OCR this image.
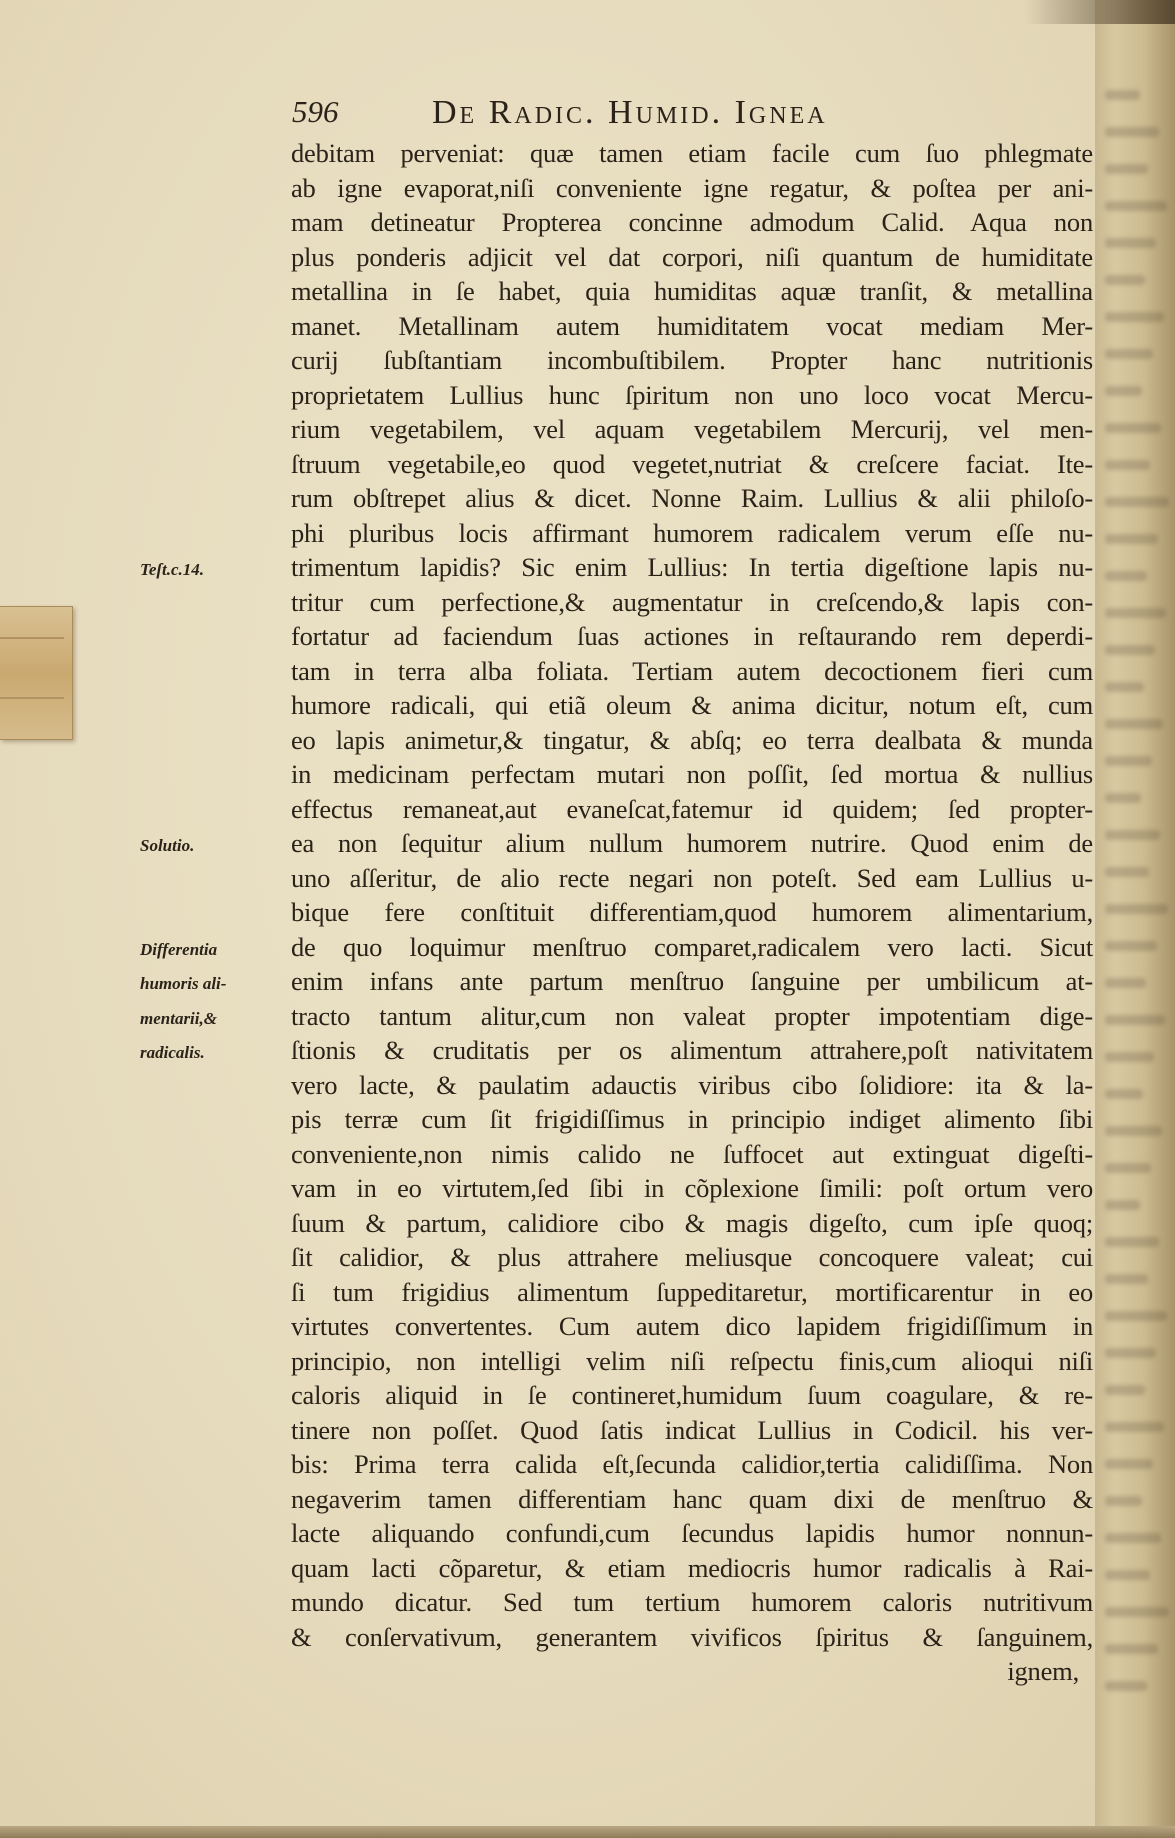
596	De Radic. Humid. Ignea
debitam perveniat: quæ tamen etiam facile cum ſuo phlegmate
ab igne evaporat,niſi conveniente igne regatur, & poſtea per ani-
mam detineatur Propterea concinne admodum Calid. Aqua non
plus ponderis adjicit vel dat corpori, niſi quantum de humiditate
metallina in ſe habet, quia humiditas aquæ tranſit, & metallina
manet. Metallinam autem humiditatem vocat mediam Mer-
curij ſubſtantiam incombuſtibilem. Propter hanc nutritionis
proprietatem Lullius hunc ſpiritum non uno loco vocat Mercu-
rium vegetabilem, vel aquam vegetabilem Mercurij, vel men-
ſtruum vegetabile,eo quod vegetet,nutriat & creſcere faciat. Ite-
rum obſtrepet alius & dicet. Nonne Raim. Lullius & alii philoſo-
phi pluribus locis affirmant humorem radicalem verum eſſe nu-
trimentum lapidis? Sic enim Lullius: In tertia digeſtione lapis nu-
tritur cum perfectione,& augmentatur in creſcendo,& lapis con-
fortatur ad faciendum ſuas actiones in reſtaurando rem deperdi-
tam in terra alba foliata. Tertiam autem decoctionem fieri cum
humore radicali, qui etiã oleum & anima dicitur, notum eſt, cum
eo lapis animetur,& tingatur, & abſq; eo terra dealbata & munda
in medicinam perfectam mutari non poſſit, ſed mortua & nullius
effectus remaneat,aut evaneſcat,fatemur id quidem; ſed propter-
ea non ſequitur alium nullum humorem nutrire. Quod enim de
uno aſſeritur, de alio recte negari non poteſt. Sed eam Lullius u-
bique fere conſtituit differentiam,quod humorem alimentarium,
de quo loquimur menſtruo comparet,radicalem vero lacti. Sicut
enim infans ante partum menſtruo ſanguine per umbilicum at-
tracto tantum alitur,cum non valeat propter impotentiam dige-
ſtionis & cruditatis per os alimentum attrahere,poſt nativitatem
vero lacte, & paulatim adauctis viribus cibo ſolidiore: ita & la-
pis terræ cum ſit frigidiſſimus in principio indiget alimento ſibi
conveniente,non nimis calido ne ſuffocet aut extinguat digeſti-
vam in eo virtutem,ſed ſibi in cõplexione ſimili: poſt ortum vero
ſuum & partum, calidiore cibo & magis digeſto, cum ipſe quoq;
ſit calidior, & plus attrahere meliusque concoquere valeat; cui
ſi tum frigidius alimentum ſuppeditaretur, mortificarentur in eo
virtutes convertentes. Cum autem dico lapidem frigidiſſimum in
principio, non intelligi velim niſi reſpectu finis,cum alioqui niſi
caloris aliquid in ſe contineret,humidum ſuum coagulare, & re-
tinere non poſſet. Quod ſatis indicat Lullius in Codicil. his ver-
bis: Prima terra calida eſt,ſecunda calidior,tertia calidiſſima. Non
negaverim tamen differentiam hanc quam dixi de menſtruo &
lacte aliquando confundi,cum ſecundus lapidis humor nonnun-
quam lacti cõparetur, & etiam mediocris humor radicalis à Rai-
mundo dicatur. Sed tum tertium humorem caloris nutritivum
& conſervativum, generantem vivificos ſpiritus & ſanguinem,
ignem,
Teſt.c.14.
Solutio.
Differentia
humoris ali-
mentarii,&
radicalis.
